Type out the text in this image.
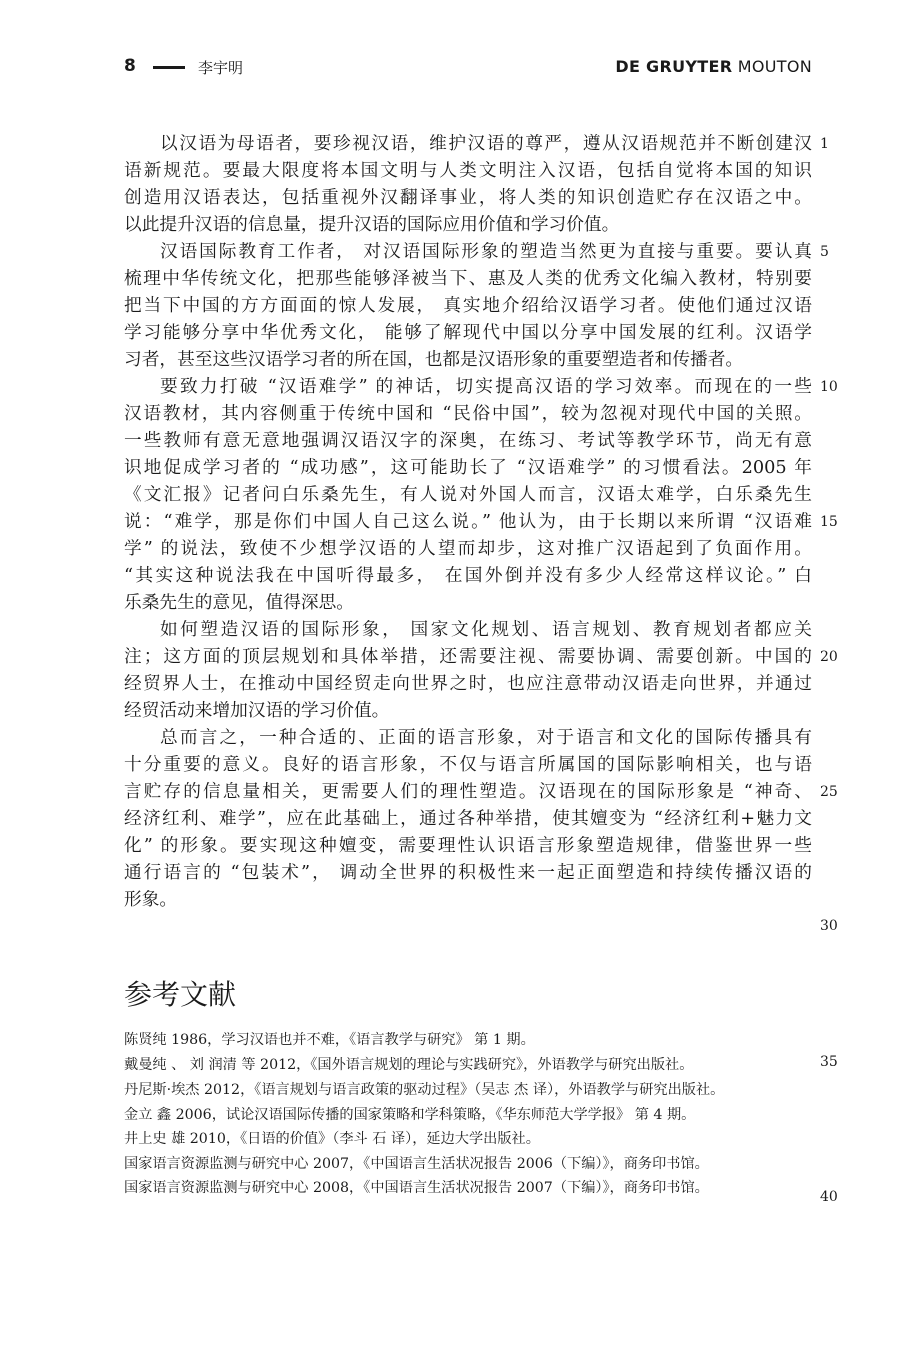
8	李宇明	DE GRUYTER MOUTON
以汉语为母语者，要珍视汉语，维护汉语的尊严，遵从汉语规范并不断创建汉
语新规范。要最大限度将本国文明与人类文明注入汉语，包括自觉将本国的知识
创造用汉语表达，包括重视外汉翻译事业，将人类的知识创造贮存在汉语之中。
以此提升汉语的信息量，提升汉语的国际应用价值和学习价值。
汉语国际教育工作者， 对汉语国际形象的塑造当然更为直接与重要。要认真
梳理中华传统文化，把那些能够泽被当下、惠及人类的优秀文化编入教材，特别要
把当下中国的方方面面的惊人发展， 真实地介绍给汉语学习者。使他们通过汉语
学习能够分享中华优秀文化， 能够了解现代中国以分享中国发展的红利。汉语学
习者，甚至这些汉语学习者的所在国，也都是汉语形象的重要塑造者和传播者。
要致力打破 “汉语难学” 的神话，切实提高汉语的学习效率。而现在的一些
汉语教材，其内容侧重于传统中国和 “民俗中国”，较为忽视对现代中国的关照。
一些教师有意无意地强调汉语汉字的深奥，在练习、考试等教学环节，尚无有意
识地促成学习者的 “成功感”，这可能助长了 “汉语难学” 的习惯看法。2005 年
《文汇报》记者问白乐桑先生，有人说对外国人而言，汉语太难学，白乐桑先生
说：“难学，那是你们中国人自己这么说。” 他认为，由于长期以来所谓 “汉语难
学” 的说法，致使不少想学汉语的人望而却步，这对推广汉语起到了负面作用。
“其实这种说法我在中国听得最多， 在国外倒并没有多少人经常这样议论。” 白
乐桑先生的意见，值得深思。
如何塑造汉语的国际形象， 国家文化规划、语言规划、教育规划者都应关
注；这方面的顶层规划和具体举措，还需要注视、需要协调、需要创新。中国的
经贸界人士，在推动中国经贸走向世界之时，也应注意带动汉语走向世界，并通过
经贸活动来增加汉语的学习价值。
总而言之，一种合适的、正面的语言形象，对于语言和文化的国际传播具有
十分重要的意义。良好的语言形象，不仅与语言所属国的国际影响相关，也与语
言贮存的信息量相关，更需要人们的理性塑造。汉语现在的国际形象是 “神奇、
经济红利、难学”，应在此基础上，通过各种举措，使其嬗变为 “经济红利+魅力文
化” 的形象。要实现这种嬗变，需要理性认识语言形象塑造规律，借鉴世界一些
通行语言的 “包装术”， 调动全世界的积极性来一起正面塑造和持续传播汉语的
形象。
1
5
10
15
20
25
30
35
40
参考文献
陈贤纯 1986，学习汉语也并不难，《语言教学与研究》 第 1 期。
戴曼纯 、 刘 润清 等 2012，《国外语言规划的理论与实践研究》，外语教学与研究出版社。
丹尼斯·埃杰 2012，《语言规划与语言政策的驱动过程》（吴志 杰 译），外语教学与研究出版社。
金立 鑫 2006，试论汉语国际传播的国家策略和学科策略，《华东师范大学学报》 第 4 期。
井上史 雄 2010，《日语的价值》（李斗 石 译），延边大学出版社。
国家语言资源监测与研究中心 2007，《中国语言生活状况报告 2006（下编）》，商务印书馆。
国家语言资源监测与研究中心 2008，《中国语言生活状况报告 2007（下编）》，商务印书馆。
